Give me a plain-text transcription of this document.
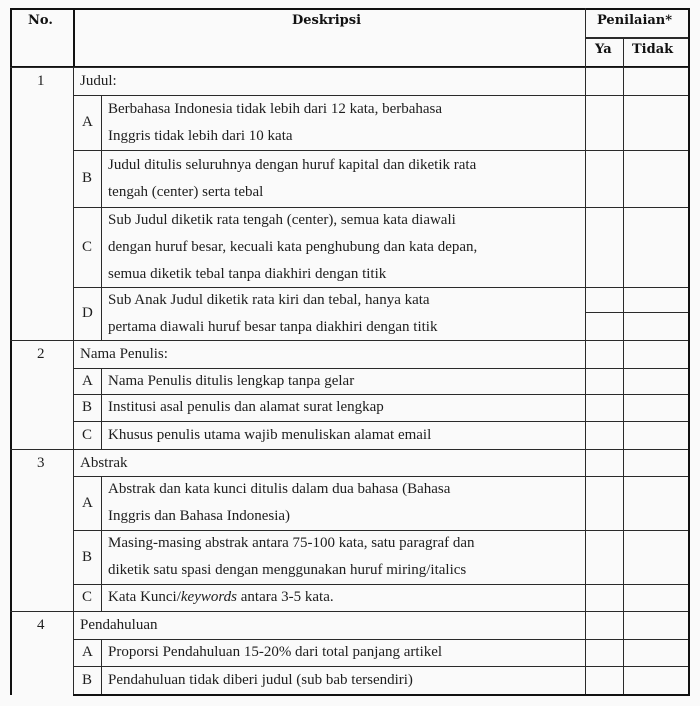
No.	Deskripsi	Penilaian*
Ya Tidak
1 Judul:
A
Berbahasa Indonesia tidak lebih dari 12 kata, berbahasa
Inggris tidak lebih dari 10 kata
B
Judul ditulis seluruhnya dengan huruf kapital dan diketik rata
tengah (center) serta tebal
C
Sub Judul diketik rata tengah (center), semua kata diawali
dengan huruf besar, kecuali kata penghubung dan kata depan,
semua diketik tebal tanpa diakhiri dengan titik
D
Sub Anak Judul diketik rata kiri dan tebal, hanya kata
pertama diawali huruf besar tanpa diakhiri dengan titik
2 Nama Penulis:
A Nama Penulis ditulis lengkap tanpa gelar
B Institusi asal penulis dan alamat surat lengkap
C Khusus penulis utama wajib menuliskan alamat email
3 Abstrak
A
Abstrak dan kata kunci ditulis dalam dua bahasa (Bahasa
Inggris dan Bahasa Indonesia)
B
Masing-masing abstrak antara 75-100 kata, satu paragraf dan
diketik satu spasi dengan menggunakan huruf miring/italics
C Kata Kunci/keywords antara 3-5 kata.
4 Pendahuluan
A Proporsi Pendahuluan 15-20% dari total panjang artikel
B Pendahuluan tidak diberi judul (sub bab tersendiri)
